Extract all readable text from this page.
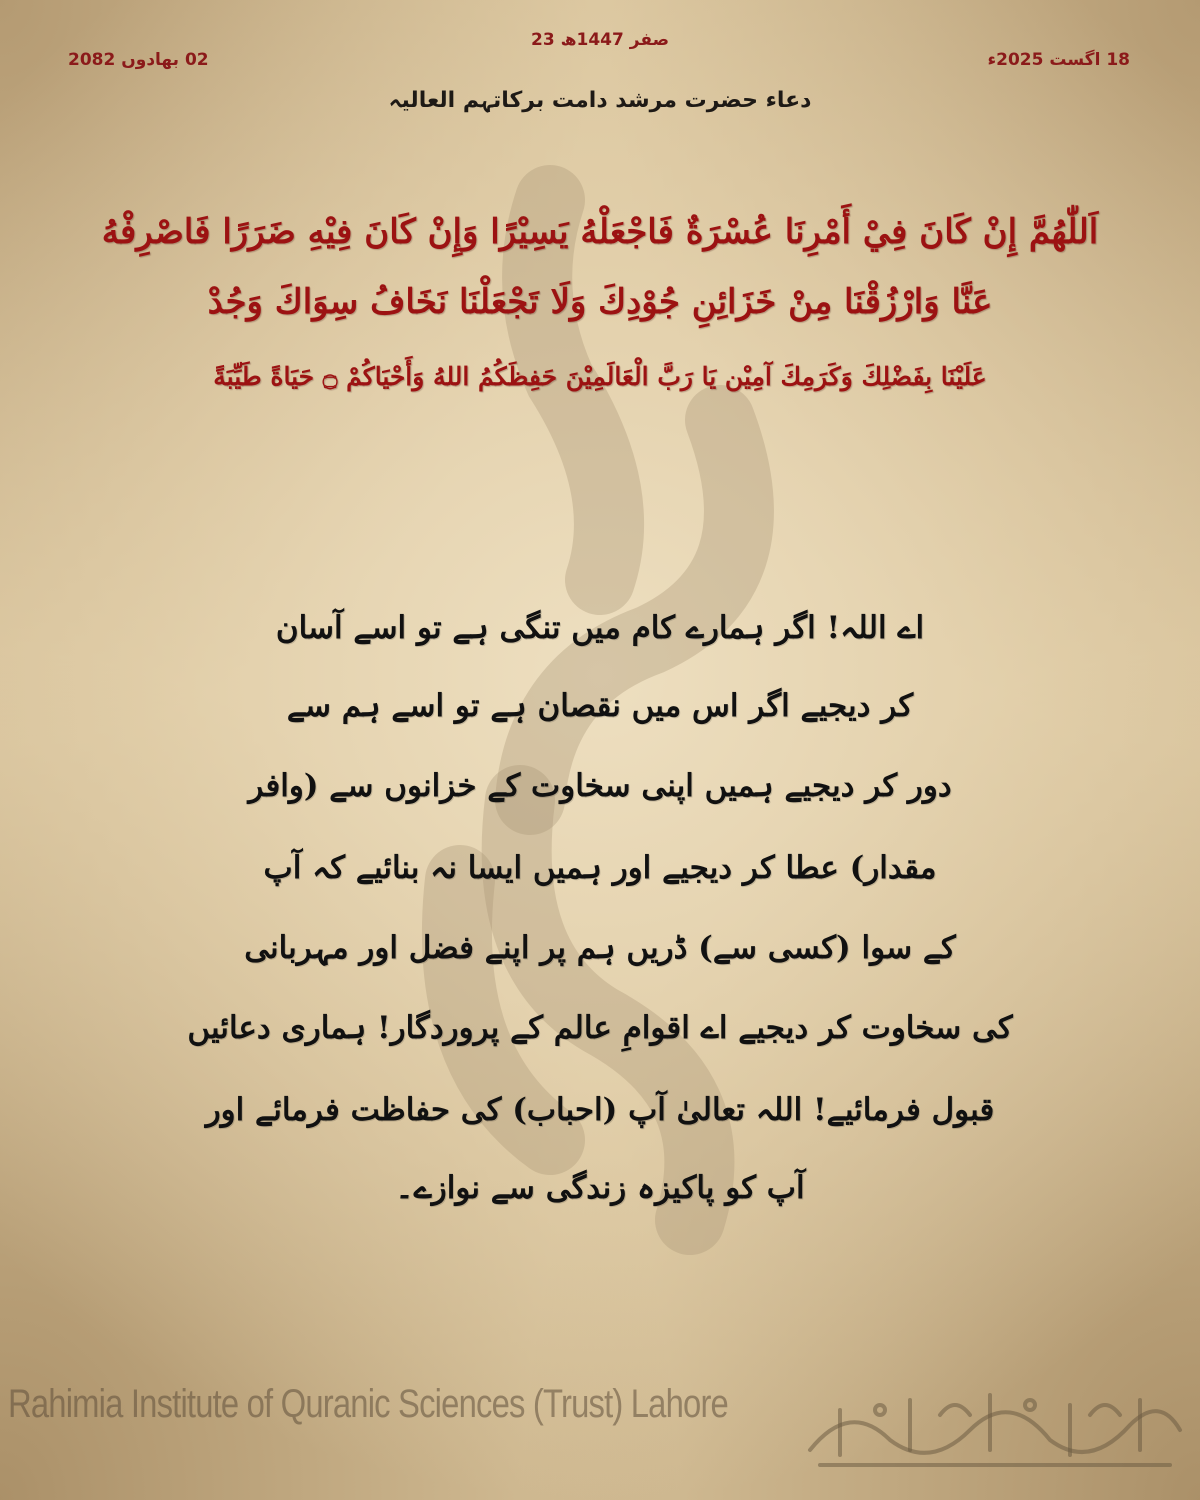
23 صفر 1447ھ
18 اگست 2025ء
02 بھادوں 2082
دعاء حضرت مرشد دامت برکاتہم العالیہ
اَللّٰهُمَّ إِنْ كَانَ فِيْ أَمْرِنَا عُسْرَةٌ فَاجْعَلْهُ يَسِيْرًا وَإِنْ كَانَ فِيْهِ ضَرَرًا فَاصْرِفْهُ
عَنَّا وَارْزُقْنَا مِنْ خَزَائِنِ جُوْدِكَ وَلَا تَجْعَلْنَا نَخَافُ سِوَاكَ وَجُدْ
عَلَيْنَا بِفَضْلِكَ وَكَرَمِكَ آمِيْن يَا رَبَّ الْعَالَمِيْنَ حَفِظَكُمُ اللهُ وَأَحْيَاكُمْ ۝ حَيَاةً طَيِّبَةً
اے اللہ! اگر ہمارے کام میں تنگی ہے تو اسے آسان
کر دیجیے اگر اس میں نقصان ہے تو اسے ہم سے
دور کر دیجیے ہمیں اپنی سخاوت کے خزانوں سے (وافر
مقدار) عطا کر دیجیے اور ہمیں ایسا نہ بنائیے کہ آپ
کے سوا (کسی سے) ڈریں ہم پر اپنے فضل اور مہربانی
کی سخاوت کر دیجیے اے اقوامِ عالم کے پروردگار! ہماری دعائیں
قبول فرمائیے! اللہ تعالیٰ آپ (احباب) کی حفاظت فرمائے اور
آپ کو پاکیزہ زندگی سے نوازے۔
Rahimia Institute of Quranic Sciences (Trust) Lahore
